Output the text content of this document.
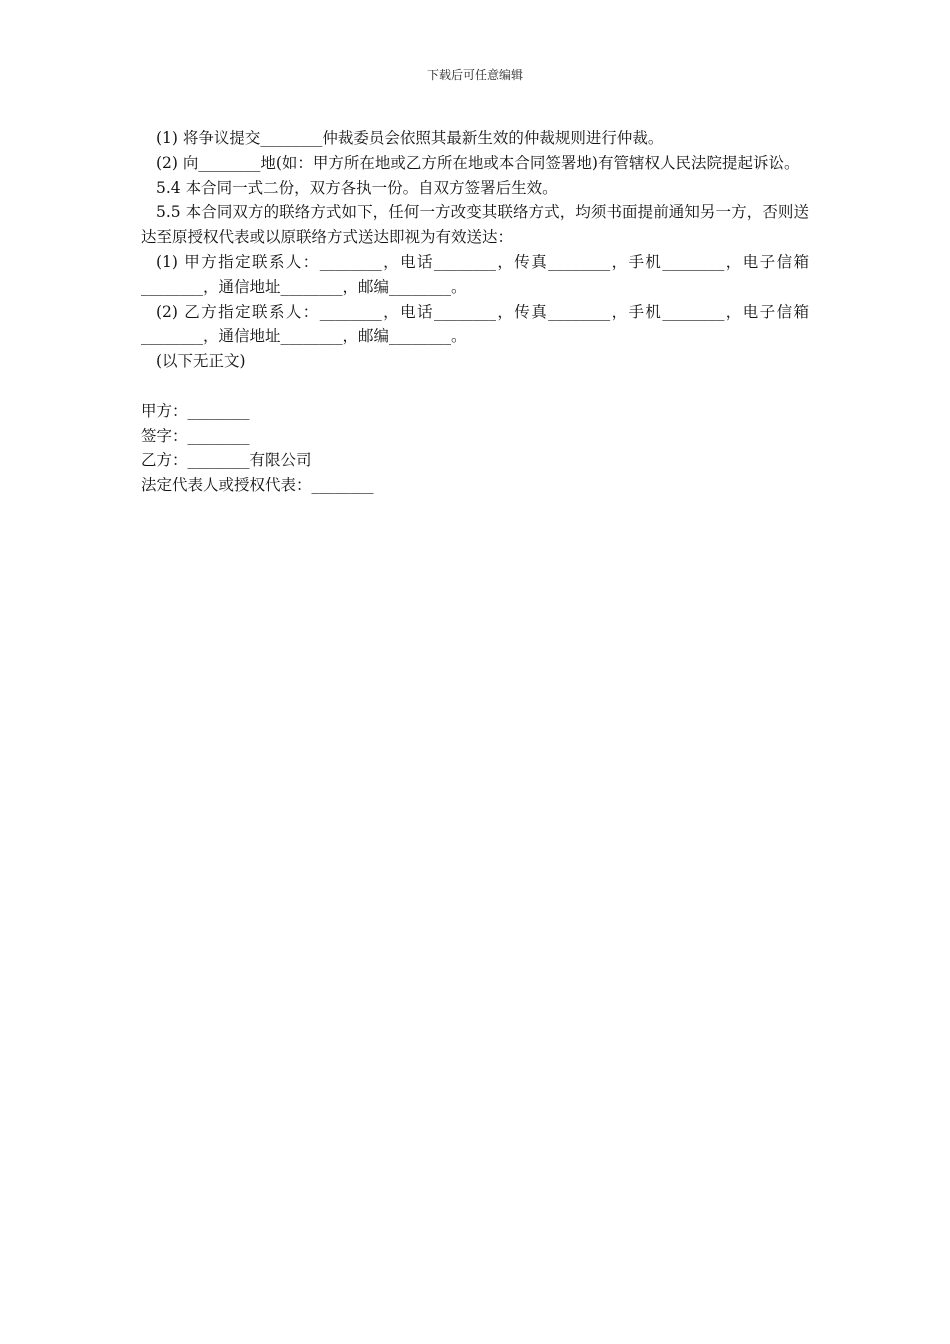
下载后可任意编辑

(1) 将争议提交________仲裁委员会依照其最新生效的仲裁规则进行仲裁。

(2) 向________地(如：甲方所在地或乙方所在地或本合同签署地)有管辖权人民法院提起诉讼。

5.4 本合同一式二份，双方各执一份。自双方签署后生效。

5.5 本合同双方的联络方式如下，任何一方改变其联络方式，均须书面提前通知另一方，否则送达至原授权代表或以原联络方式送达即视为有效送达：

(1) 甲方指定联系人：________，电话________，传真________，手机________，电子信箱________，通信地址________，邮编________。

(2) 乙方指定联系人：________，电话________，传真________，手机________，电子信箱________，通信地址________，邮编________。

(以下无正文)

甲方：________

签字：________

乙方：________有限公司

法定代表人或授权代表：________
